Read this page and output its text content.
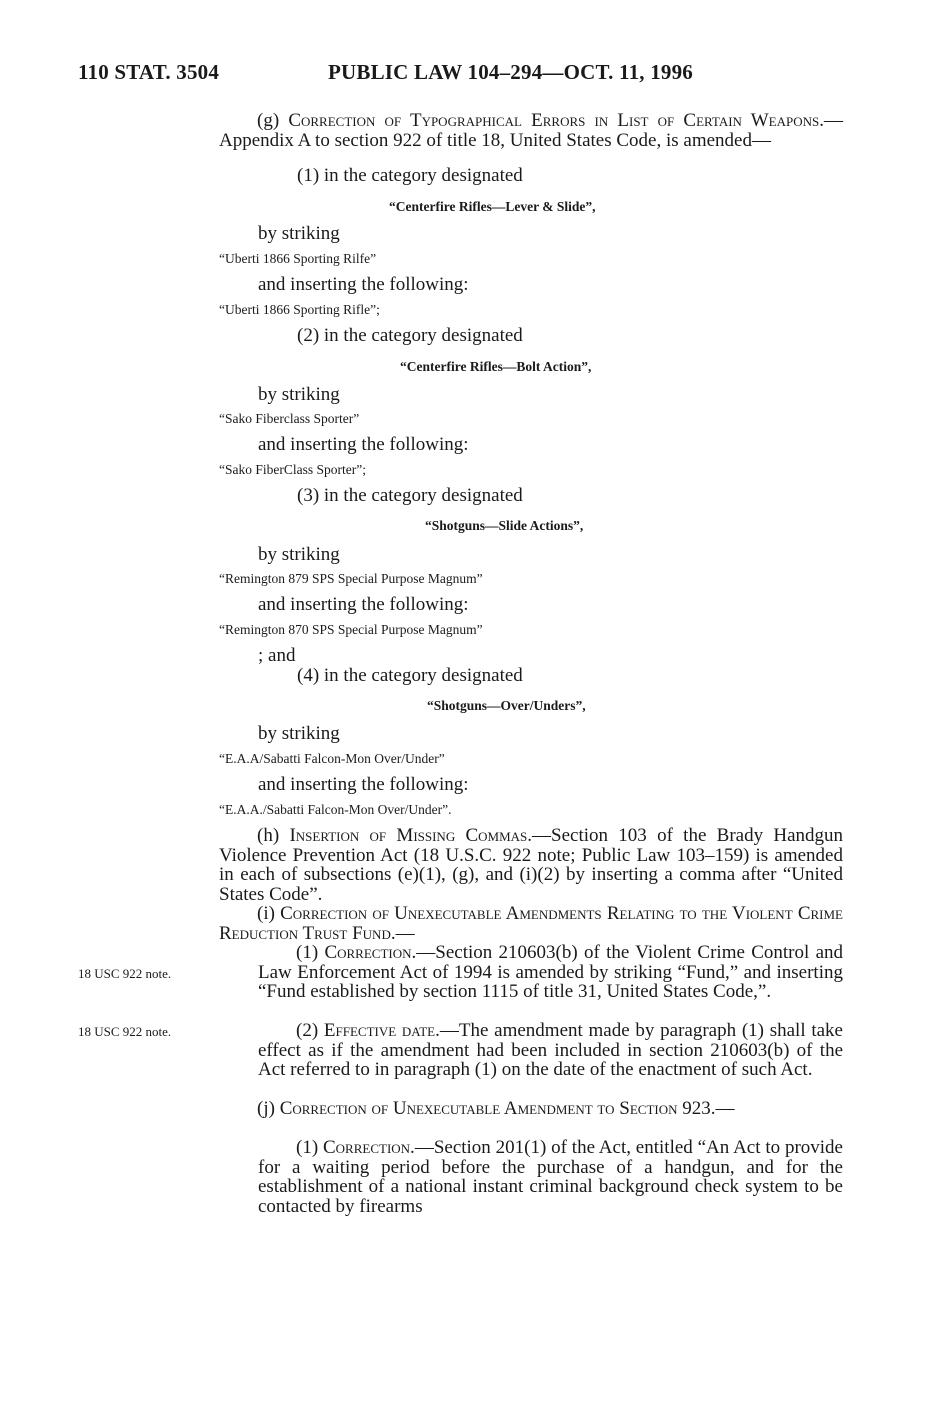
110 STAT. 3504	PUBLIC LAW 104–294—OCT. 11, 1996
(g) Correction of Typographical Errors in List of Certain Weapons.—Appendix A to section 922 of title 18, United States Code, is amended—
(1) in the category designated
“Centerfire Rifles—Lever & Slide”,
by striking
“Uberti 1866 Sporting Rilfe”
and inserting the following:
“Uberti 1866 Sporting Rifle”;
(2) in the category designated
“Centerfire Rifles—Bolt Action”,
by striking
“Sako Fiberclass Sporter”
and inserting the following:
“Sako FiberClass Sporter”;
(3) in the category designated
“Shotguns—Slide Actions”,
by striking
“Remington 879 SPS Special Purpose Magnum”
and inserting the following:
“Remington 870 SPS Special Purpose Magnum”
; and
(4) in the category designated
“Shotguns—Over/Unders”,
by striking
“E.A.A/Sabatti Falcon-Mon Over/Under”
and inserting the following:
“E.A.A./Sabatti Falcon-Mon Over/Under”.
(h) Insertion of Missing Commas.—Section 103 of the Brady Handgun Violence Prevention Act (18 U.S.C. 922 note; Public Law 103–159) is amended in each of subsections (e)(1), (g), and (i)(2) by inserting a comma after “United States Code”.
(i) Correction of Unexecutable Amendments Relating to the Violent Crime Reduction Trust Fund.—
18 USC 922 note.
(1) Correction.—Section 210603(b) of the Violent Crime Control and Law Enforcement Act of 1994 is amended by striking “Fund,” and inserting “Fund established by section 1115 of title 31, United States Code,”.
18 USC 922 note.	(2) Effective date.—The amendment made by paragraph (1) shall take effect as if the amendment had been included in section 210603(b) of the Act referred to in paragraph (1) on the date of the enactment of such Act.
(j) Correction of Unexecutable Amendment to Section 923.—
(1) Correction.—Section 201(1) of the Act, entitled “An Act to provide for a waiting period before the purchase of a handgun, and for the establishment of a national instant criminal background check system to be contacted by firearms
